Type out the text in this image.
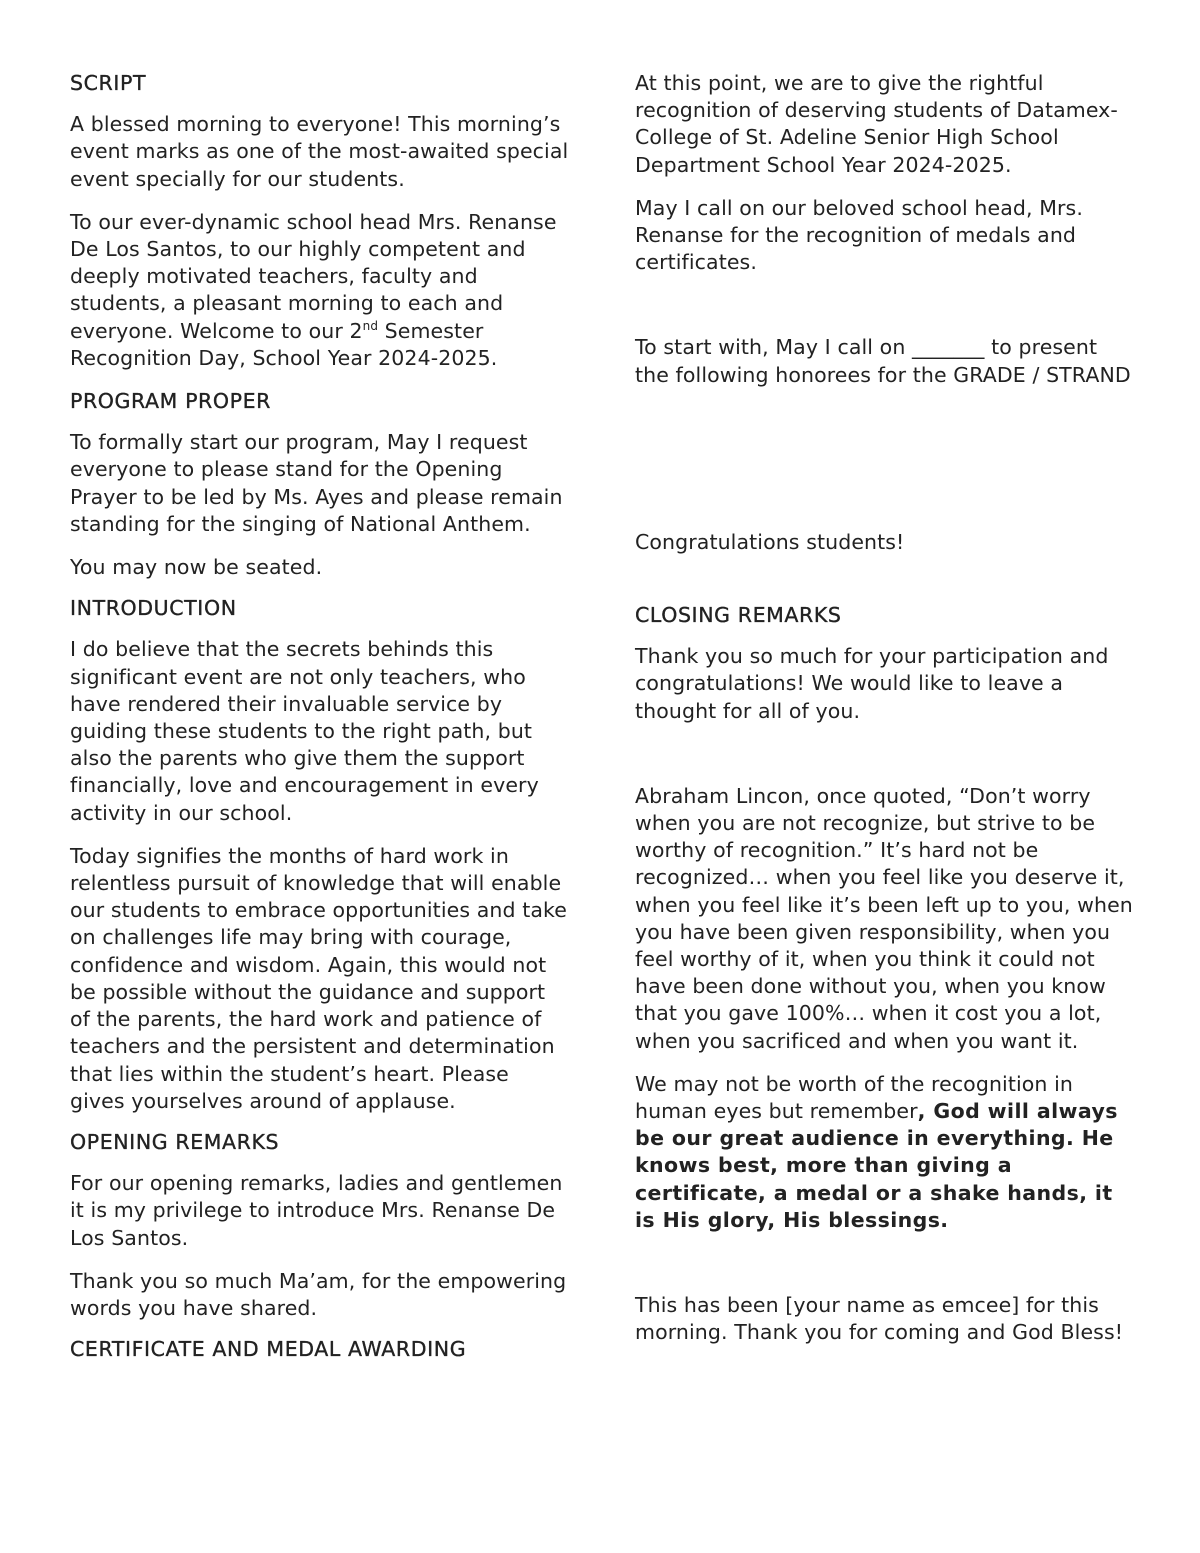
SCRIPT

A blessed morning to everyone! This morning’s event marks as one of the most-awaited special event specially for our students.

To our ever-dynamic school head Mrs. Renanse De Los Santos, to our highly competent and deeply motivated teachers, faculty and students, a pleasant morning to each and everyone. Welcome to our 2nd Semester Recognition Day, School Year 2024-2025.

PROGRAM PROPER

To formally start our program, May I request everyone to please stand for the Opening Prayer to be led by Ms. Ayes and please remain standing for the singing of National Anthem.

You may now be seated.

INTRODUCTION

I do believe that the secrets behinds this significant event are not only teachers, who have rendered their invaluable service by guiding these students to the right path, but also the parents who give them the support financially, love and encouragement in every activity in our school.

Today signifies the months of hard work in relentless pursuit of knowledge that will enable our students to embrace opportunities and take on challenges life may bring with courage, confidence and wisdom. Again, this would not be possible without the guidance and support of the parents, the hard work and patience of teachers and the persistent and determination that lies within the student’s heart. Please gives yourselves around of applause.

OPENING REMARKS

For our opening remarks, ladies and gentlemen it is my privilege to introduce Mrs. Renanse De Los Santos.

Thank you so much Ma’am, for the empowering words you have shared.

CERTIFICATE AND MEDAL AWARDING

At this point, we are to give the rightful recognition of deserving students of Datamex-College of St. Adeline Senior High School Department School Year 2024-2025.

May I call on our beloved school head, Mrs. Renanse for the recognition of medals and certificates.

To start with, May I call on _______ to present the following honorees for the GRADE / STRAND

Congratulations students!

CLOSING REMARKS

Thank you so much for your participation and congratulations! We would like to leave a thought for all of you.

Abraham Lincon, once quoted, “Don’t worry when you are not recognize, but strive to be worthy of recognition.” It’s hard not be recognized… when you feel like you deserve it, when you feel like it’s been left up to you, when you have been given responsibility, when you feel worthy of it, when you think it could not have been done without you, when you know that you gave 100%… when it cost you a lot, when you sacrificed and when you want it.

We may not be worth of the recognition in human eyes but remember, God will always be our great audience in everything. He knows best, more than giving a certificate, a medal or a shake hands, it is His glory, His blessings.

This has been [your name as emcee] for this morning. Thank you for coming and God Bless!
